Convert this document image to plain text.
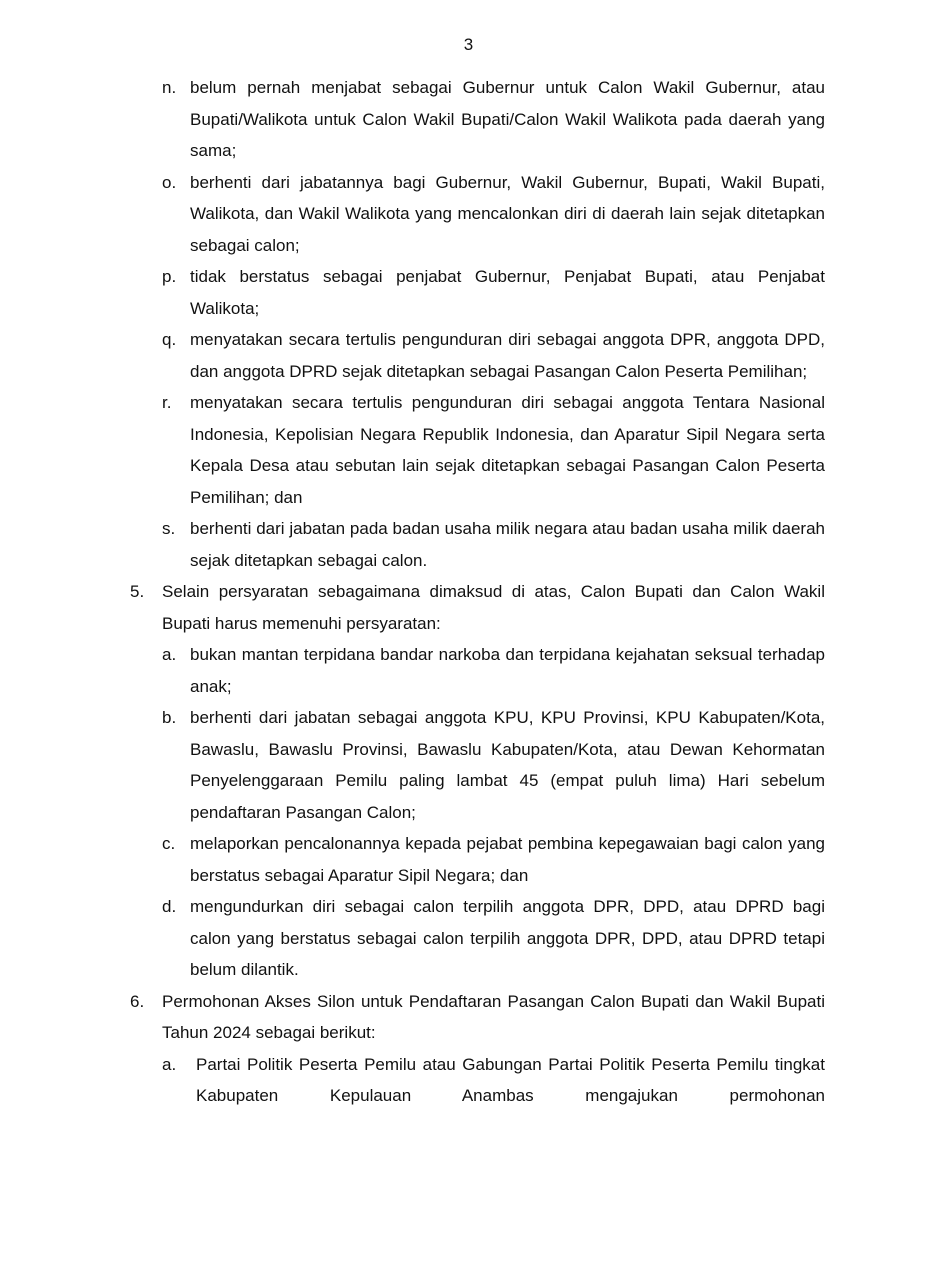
3
n. belum pernah menjabat sebagai Gubernur untuk Calon Wakil Gubernur, atau Bupati/Walikota untuk Calon Wakil Bupati/Calon Wakil Walikota pada daerah yang sama;
o. berhenti dari jabatannya bagi Gubernur, Wakil Gubernur, Bupati, Wakil Bupati, Walikota, dan Wakil Walikota yang mencalonkan diri di daerah lain sejak ditetapkan sebagai calon;
p. tidak berstatus sebagai penjabat Gubernur, Penjabat Bupati, atau Penjabat Walikota;
q. menyatakan secara tertulis pengunduran diri sebagai anggota DPR, anggota DPD, dan anggota DPRD sejak ditetapkan sebagai Pasangan Calon Peserta Pemilihan;
r. menyatakan secara tertulis pengunduran diri sebagai anggota Tentara Nasional Indonesia, Kepolisian Negara Republik Indonesia, dan Aparatur Sipil Negara serta Kepala Desa atau sebutan lain sejak ditetapkan sebagai Pasangan Calon Peserta Pemilihan; dan
s. berhenti dari jabatan pada badan usaha milik negara atau badan usaha milik daerah sejak ditetapkan sebagai calon.
5. Selain persyaratan sebagaimana dimaksud di atas, Calon Bupati dan Calon Wakil Bupati harus memenuhi persyaratan:
a. bukan mantan terpidana bandar narkoba dan terpidana kejahatan seksual terhadap anak;
b. berhenti dari jabatan sebagai anggota KPU, KPU Provinsi, KPU Kabupaten/Kota, Bawaslu, Bawaslu Provinsi, Bawaslu Kabupaten/Kota, atau Dewan Kehormatan Penyelenggaraan Pemilu paling lambat 45 (empat puluh lima) Hari sebelum pendaftaran Pasangan Calon;
c. melaporkan pencalonannya kepada pejabat pembina kepegawaian bagi calon yang berstatus sebagai Aparatur Sipil Negara; dan
d. mengundurkan diri sebagai calon terpilih anggota DPR, DPD, atau DPRD bagi calon yang berstatus sebagai calon terpilih anggota DPR, DPD, atau DPRD tetapi belum dilantik.
6. Permohonan Akses Silon untuk Pendaftaran Pasangan Calon Bupati dan Wakil Bupati Tahun 2024 sebagai berikut:
a. Partai Politik Peserta Pemilu atau Gabungan Partai Politik Peserta Pemilu tingkat Kabupaten Kepulauan Anambas mengajukan permohonan
